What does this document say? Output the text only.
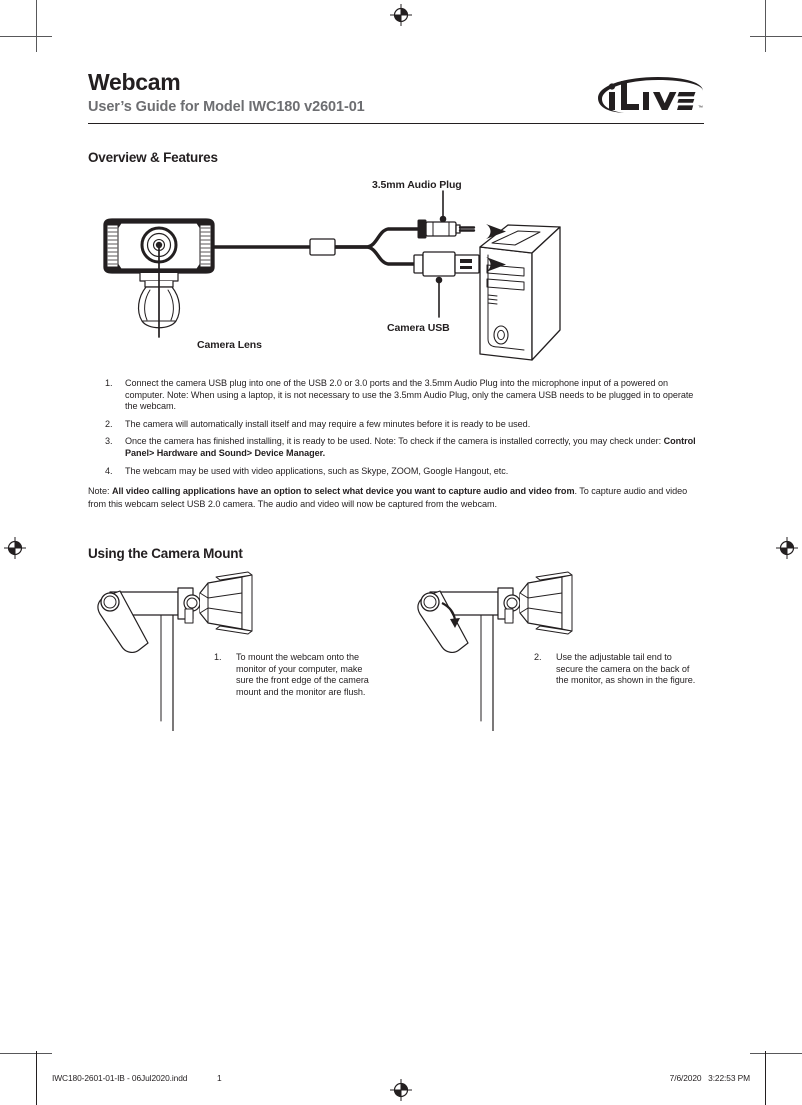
Webcam

User’s Guide for Model IWC180 v2601-01	™
Overview & Features
3.5mm Audio Plug
Camera USB
Camera Lens
1.	Connect the camera USB plug into one of the USB 2.0 or 3.0 ports and the 3.5mm Audio Plug into the microphone input of a powered on computer. Note: When using a laptop, it is not necessary to use the 3.5mm Audio Plug, only the camera USB needs to be plugged in to operate the webcam.
2.	The camera will automatically install itself and may require a few minutes before it is ready to be used.
3.	Once the camera has finished installing, it is ready to be used. Note: To check if the camera is installed correctly, you may check under: Control Panel> Hardware and Sound> Device Manager.
4.	The webcam may be used with video applications, such as Skype, ZOOM, Google Hangout, etc.

Note: All video calling applications have an option to select what device you want to capture audio and video from. To capture audio and video from this webcam select USB 2.0 camera. The audio and video will now be captured from the webcam.

Using the Camera Mount
1.	To mount the webcam onto the monitor of your computer, make sure the front edge of the camera mount and the monitor are flush.
2.	Use the adjustable tail end to secure the camera on the back of the monitor, as shown in the figure.
IWC180-2601-01-IB - 06Jul2020.indd	1	7/6/2020   3:22:53 PM
